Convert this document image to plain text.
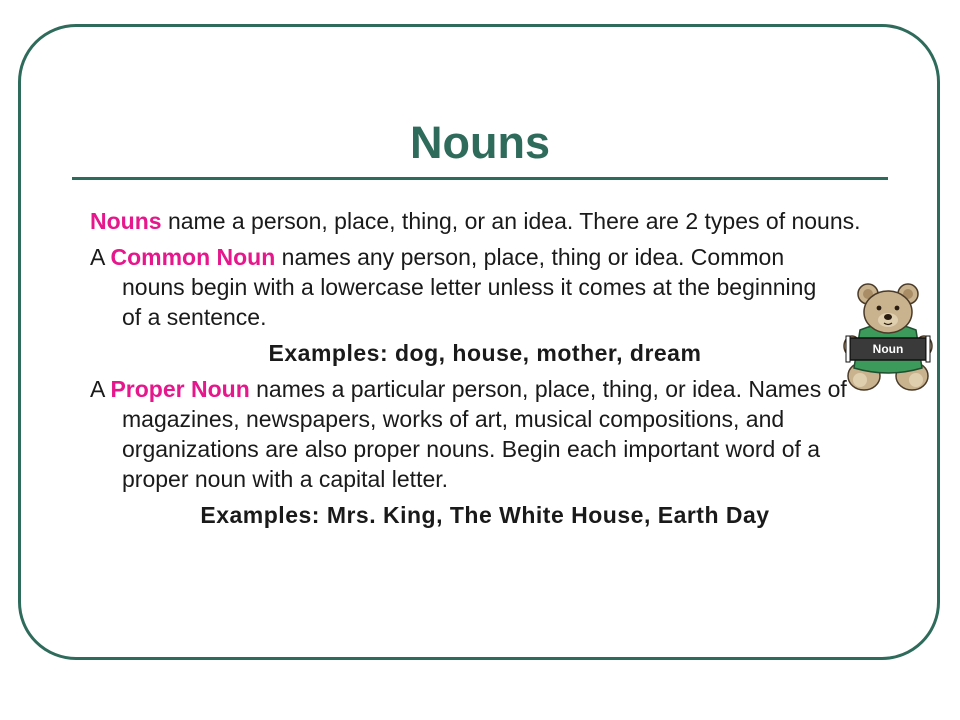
Nouns

Nouns name a person, place, thing, or an idea. There are 2 types of nouns.

A Common Noun names any person, place, thing or idea. Common nouns begin with a lowercase letter unless it comes at the beginning of a sentence.

Examples: dog, house, mother, dream

A Proper Noun names a particular person, place, thing, or idea. Names of magazines, newspapers, works of art, musical compositions, and organizations are also proper nouns. Begin each important word of a proper noun with a capital letter.

Examples: Mrs. King, The White House, Earth Day

Noun
